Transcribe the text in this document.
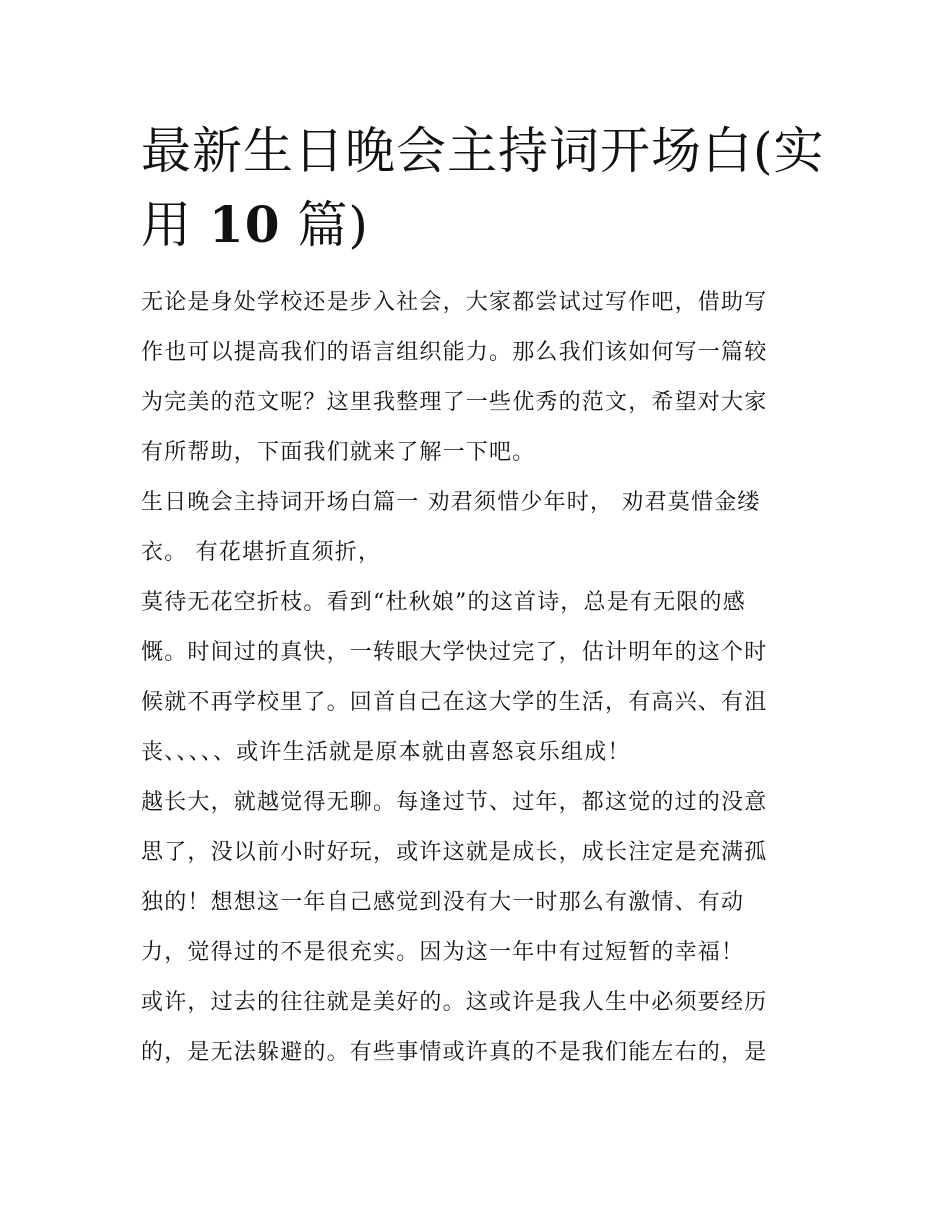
最新生日晚会主持词开场白(实
用 10 篇)

无论是身处学校还是步入社会，大家都尝试过写作吧，借助写
作也可以提高我们的语言组织能力。那么我们该如何写一篇较
为完美的范文呢？这里我整理了一些优秀的范文，希望对大家
有所帮助，下面我们就来了解一下吧。

生日晚会主持词开场白篇一 劝君须惜少年时， 劝君莫惜金缕
衣。 有花堪折直须折，

莫待无花空折枝。看到“杜秋娘”的这首诗，总是有无限的感
慨。时间过的真快，一转眼大学快过完了，估计明年的这个时
候就不再学校里了。回首自己在这大学的生活，有高兴、有沮
丧、、、、、或许生活就是原本就由喜怒哀乐组成！

越长大，就越觉得无聊。每逢过节、过年，都这觉的过的没意
思了，没以前小时好玩，或许这就是成长，成长注定是充满孤
独的！想想这一年自己感觉到没有大一时那么有激情、有动
力，觉得过的不是很充实。因为这一年中有过短暂的幸福！

或许，过去的往往就是美好的。这或许是我人生中必须要经历
的，是无法躲避的。有些事情或许真的不是我们能左右的，是
